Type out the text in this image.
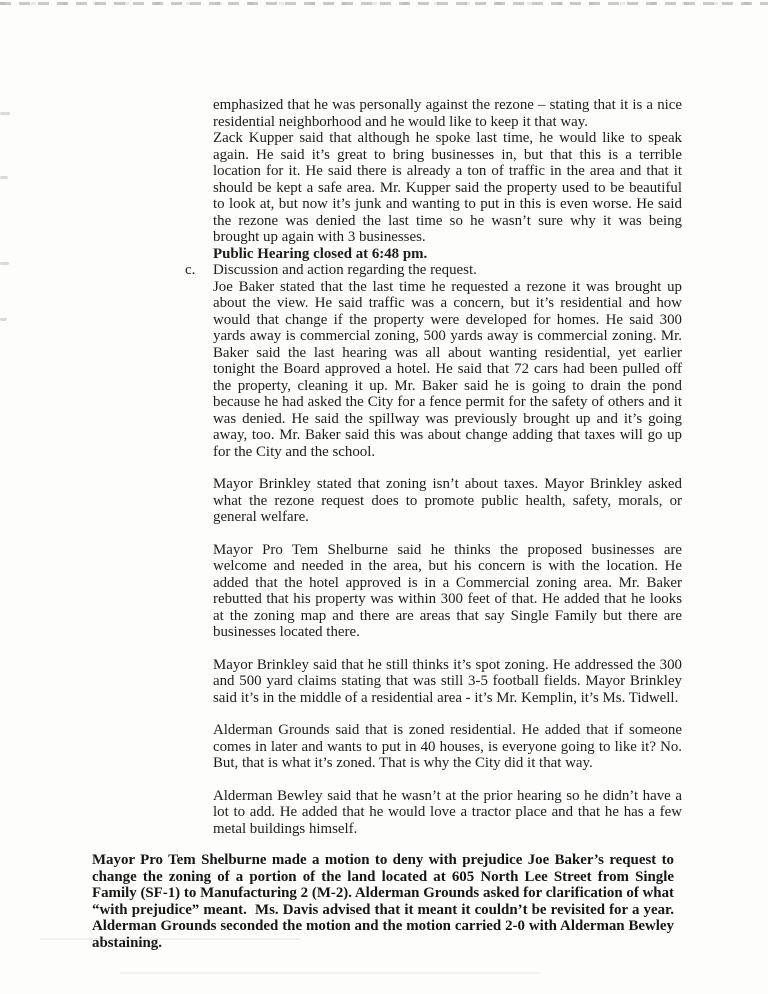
emphasized that he was personally against the rezone – stating that it is a nice residential neighborhood and he would like to keep it that way.

Zack Kupper said that although he spoke last time, he would like to speak again. He said it’s great to bring businesses in, but that this is a terrible location for it. He said there is already a ton of traffic in the area and that it should be kept a safe area. Mr. Kupper said the property used to be beautiful to look at, but now it’s junk and wanting to put in this is even worse. He said the rezone was denied the last time so he wasn’t sure why it was being brought up again with 3 businesses.

Public Hearing closed at 6:48 pm.

c. Discussion and action regarding the request.

Joe Baker stated that the last time he requested a rezone it was brought up about the view. He said traffic was a concern, but it’s residential and how would that change if the property were developed for homes. He said 300 yards away is commercial zoning, 500 yards away is commercial zoning. Mr. Baker said the last hearing was all about wanting residential, yet earlier tonight the Board approved a hotel. He said that 72 cars had been pulled off the property, cleaning it up. Mr. Baker said he is going to drain the pond because he had asked the City for a fence permit for the safety of others and it was denied. He said the spillway was previously brought up and it’s going away, too. Mr. Baker said this was about change adding that taxes will go up for the City and the school.

Mayor Brinkley stated that zoning isn’t about taxes. Mayor Brinkley asked what the rezone request does to promote public health, safety, morals, or general welfare.

Mayor Pro Tem Shelburne said he thinks the proposed businesses are welcome and needed in the area, but his concern is with the location. He added that the hotel approved is in a Commercial zoning area. Mr. Baker rebutted that his property was within 300 feet of that. He added that he looks at the zoning map and there are areas that say Single Family but there are businesses located there.

Mayor Brinkley said that he still thinks it’s spot zoning. He addressed the 300 and 500 yard claims stating that was still 3-5 football fields. Mayor Brinkley said it’s in the middle of a residential area - it’s Mr. Kemplin, it’s Ms. Tidwell.

Alderman Grounds said that is zoned residential. He added that if someone comes in later and wants to put in 40 houses, is everyone going to like it? No. But, that is what it’s zoned. That is why the City did it that way.

Alderman Bewley said that he wasn’t at the prior hearing so he didn’t have a lot to add. He added that he would love a tractor place and that he has a few metal buildings himself.

Mayor Pro Tem Shelburne made a motion to deny with prejudice Joe Baker’s request to change the zoning of a portion of the land located at 605 North Lee Street from Single Family (SF-1) to Manufacturing 2 (M-2). Alderman Grounds asked for clarification of what “with prejudice” meant.  Ms. Davis advised that it meant it couldn’t be revisited for a year. Alderman Grounds seconded the motion and the motion carried 2-0 with Alderman Bewley abstaining.
